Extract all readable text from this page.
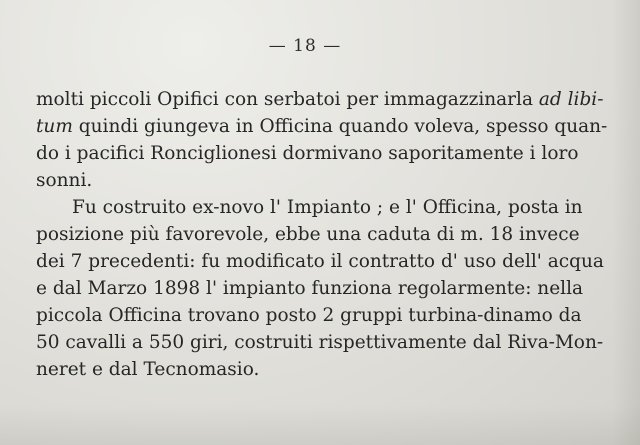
— 18 —
molti piccoli Opifici con serbatoi per immagazzinarla ad libi-
tum quindi giungeva in Officina quando voleva, spesso quan-
do i pacifici Ronciglionesi dormivano saporitamente i loro
sonni.
Fu costruito ex-novo l' Impianto ; e l' Officina, posta in
posizione più favorevole, ebbe una caduta di m. 18 invece
dei 7 precedenti: fu modificato il contratto d' uso dell' acqua
e dal Marzo 1898 l' impianto funziona regolarmente: nella
piccola Officina trovano posto 2 gruppi turbina-dinamo da
50 cavalli a 550 giri, costruiti rispettivamente dal Riva-Mon-
neret e dal Tecnomasio.
